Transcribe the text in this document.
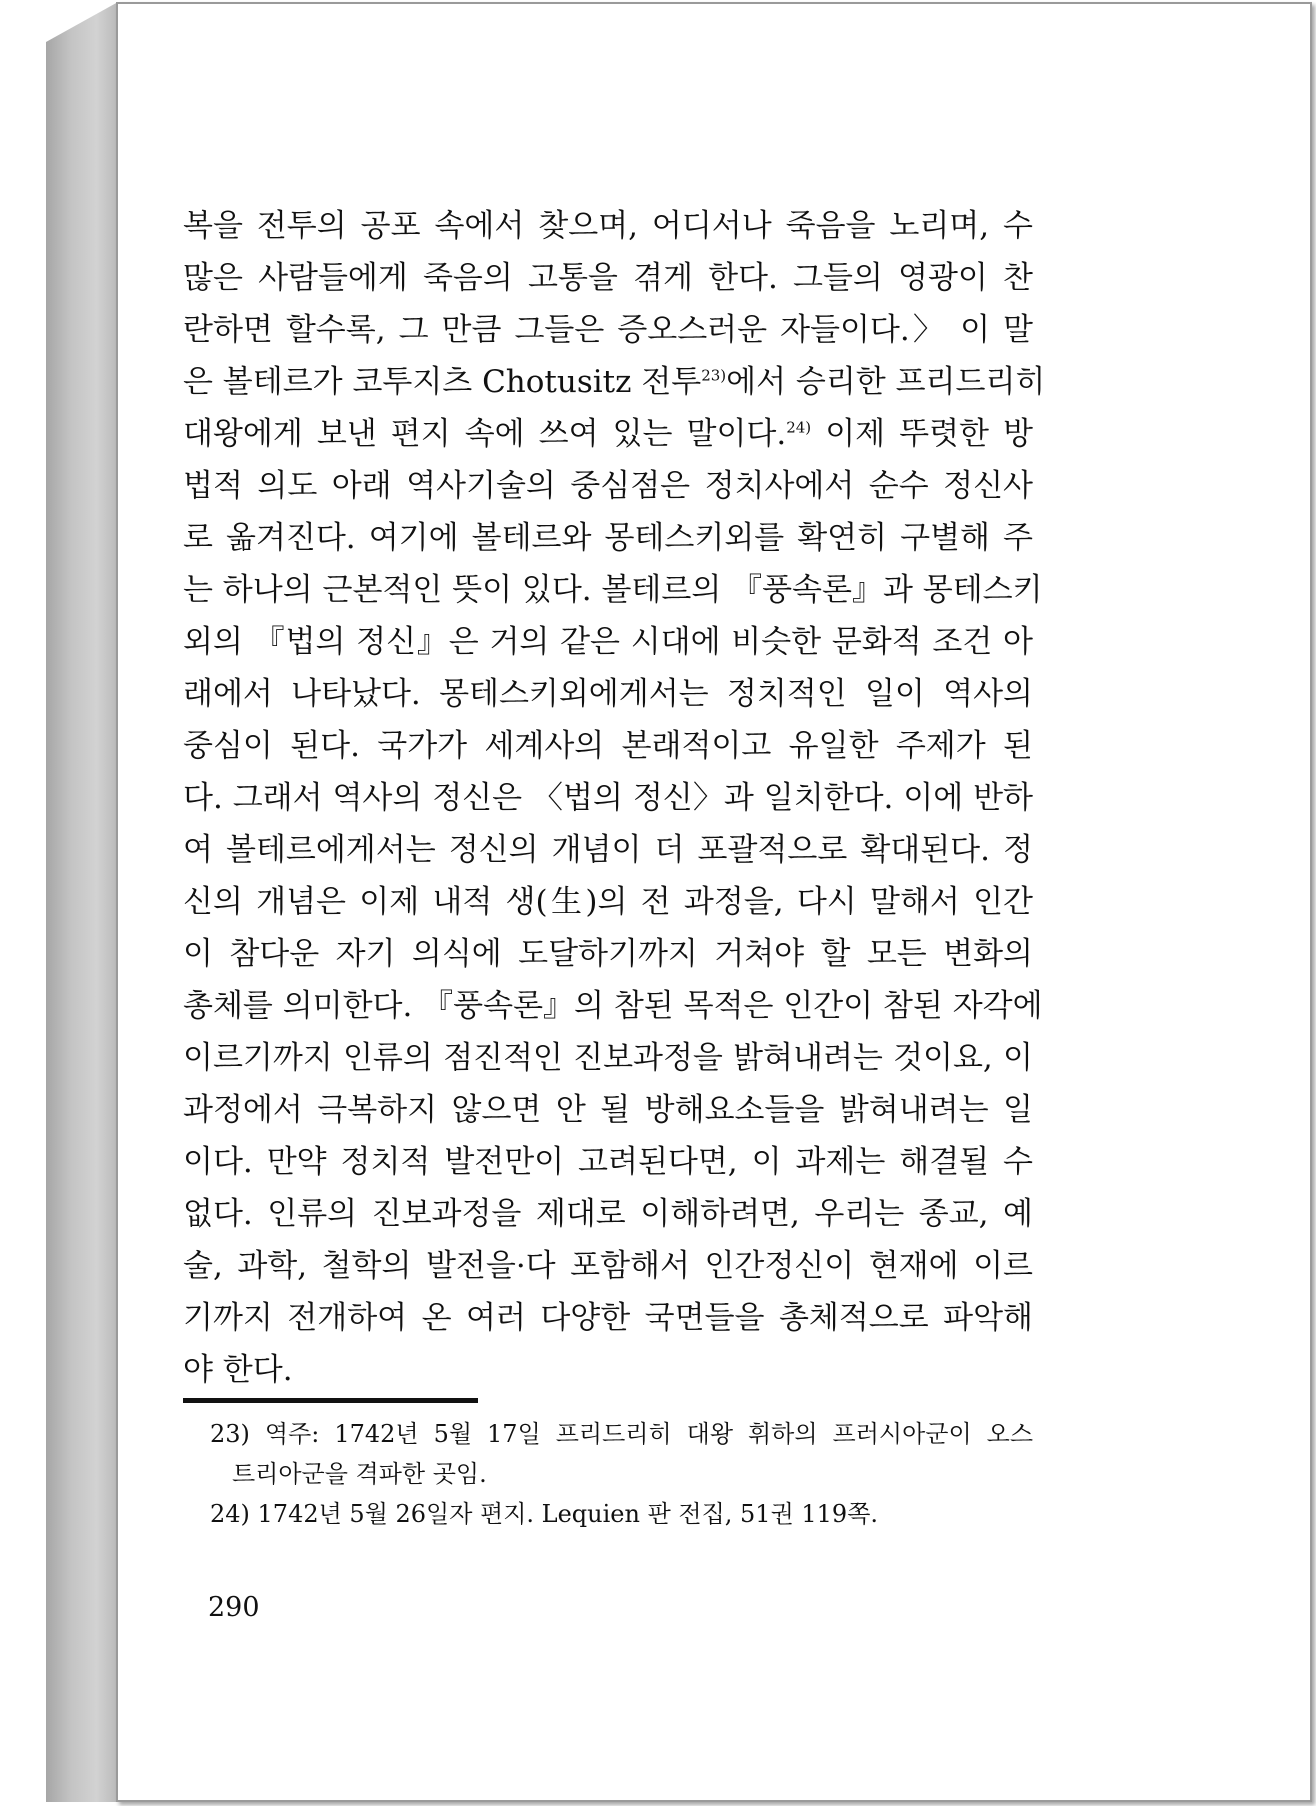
복을 전투의 공포 속에서 찾으며, 어디서나 죽음을 노리며, 수
많은 사람들에게 죽음의 고통을 겪게 한다. 그들의 영광이 찬
란하면 할수록, 그 만큼 그들은 증오스러운 자들이다.〉 이 말
은 볼테르가 코투지츠 Chotusitz 전투$^{23)}$에서 승리한 프리드리히
대왕에게 보낸 편지 속에 쓰여 있는 말이다.$^{24)}$ 이제 뚜렷한 방
법적 의도 아래 역사기술의 중심점은 정치사에서 순수 정신사
로 옮겨진다. 여기에 볼테르와 몽테스키외를 확연히 구별해 주
는 하나의 근본적인 뜻이 있다. 볼테르의 『풍속론』과 몽테스키
외의 『법의 정신』은 거의 같은 시대에 비슷한 문화적 조건 아
래에서 나타났다. 몽테스키외에게서는 정치적인 일이 역사의
중심이 된다. 국가가 세계사의 본래적이고 유일한 주제가 된
다. 그래서 역사의 정신은 〈법의 정신〉과 일치한다. 이에 반하
여 볼테르에게서는 정신의 개념이 더 포괄적으로 확대된다. 정
신의 개념은 이제 내적 생(生)의 전 과정을, 다시 말해서 인간
이 참다운 자기 의식에 도달하기까지 거쳐야 할 모든 변화의
총체를 의미한다. 『풍속론』의 참된 목적은 인간이 참된 자각에
이르기까지 인류의 점진적인 진보과정을 밝혀내려는 것이요, 이
과정에서 극복하지 않으면 안 될 방해요소들을 밝혀내려는 일
이다. 만약 정치적 발전만이 고려된다면, 이 과제는 해결될 수
없다. 인류의 진보과정을 제대로 이해하려면, 우리는 종교, 예
술, 과학, 철학의 발전을·다 포함해서 인간정신이 현재에 이르
기까지 전개하여 온 여러 다양한 국면들을 총체적으로 파악해
야 한다.
23) 역주: 1742년 5월 17일 프리드리히 대왕 휘하의 프러시아군이 오스
트리아군을 격파한 곳임.
24) 1742년 5월 26일자 편지. Lequien 판 전집, 51권 119쪽.
290
